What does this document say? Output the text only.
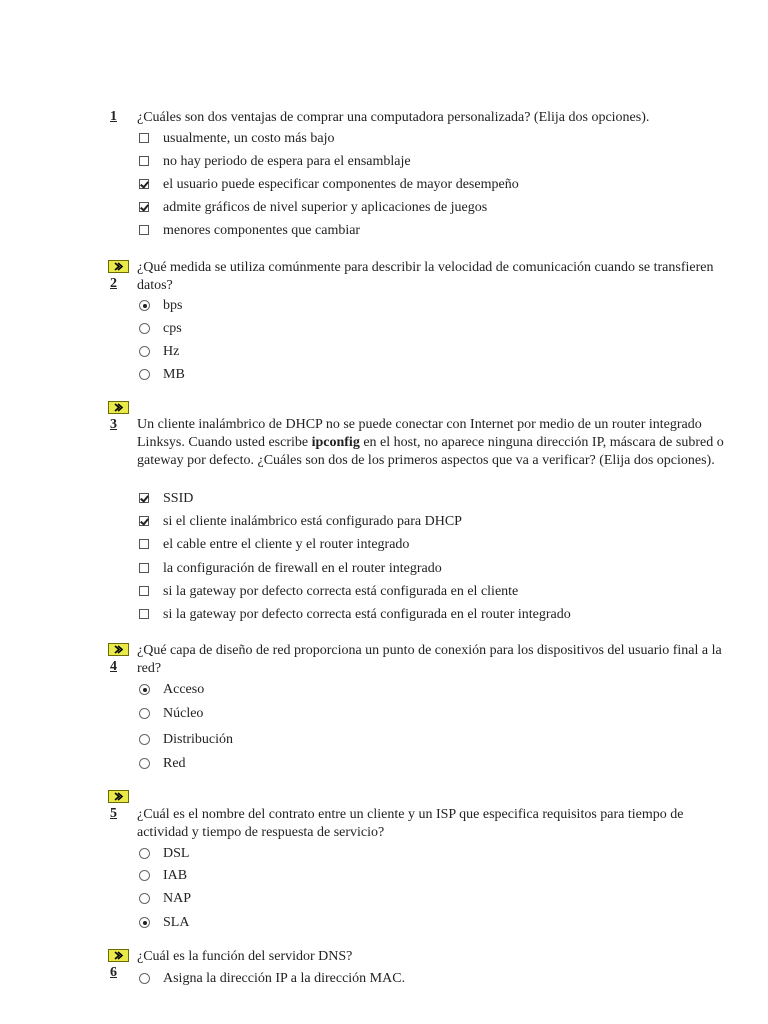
1 ¿Cuáles son dos ventajas de comprar una computadora personalizada? (Elija dos opciones).
usualmente, un costo más bajo
no hay periodo de espera para el ensamblaje
el usuario puede especificar componentes de mayor desempeño
admite gráficos de nivel superior y aplicaciones de juegos
menores componentes que cambiar
2
¿Qué medida se utiliza comúnmente para describir la velocidad de comunicación cuando se transfieren datos?
bps
cps
Hz
MB
3 Un cliente inalámbrico de DHCP no se puede conectar con Internet por medio de un router integrado Linksys. Cuando usted escribe ipconfig en el host, no aparece ninguna dirección IP, máscara de subred o gateway por defecto. ¿Cuáles son dos de los primeros aspectos que va a verificar? (Elija dos opciones).
SSID
si el cliente inalámbrico está configurado para DHCP
el cable entre el cliente y el router integrado
la configuración de firewall en el router integrado
si la gateway por defecto correcta está configurada en el cliente
si la gateway por defecto correcta está configurada en el router integrado
4
¿Qué capa de diseño de red proporciona un punto de conexión para los dispositivos del usuario final a la red?
Acceso
Núcleo
Distribución
Red
5 ¿Cuál es el nombre del contrato entre un cliente y un ISP que especifica requisitos para tiempo de actividad y tiempo de respuesta de servicio?
DSL
IAB
NAP
SLA
6
¿Cuál es la función del servidor DNS?
Asigna la dirección IP a la dirección MAC.
